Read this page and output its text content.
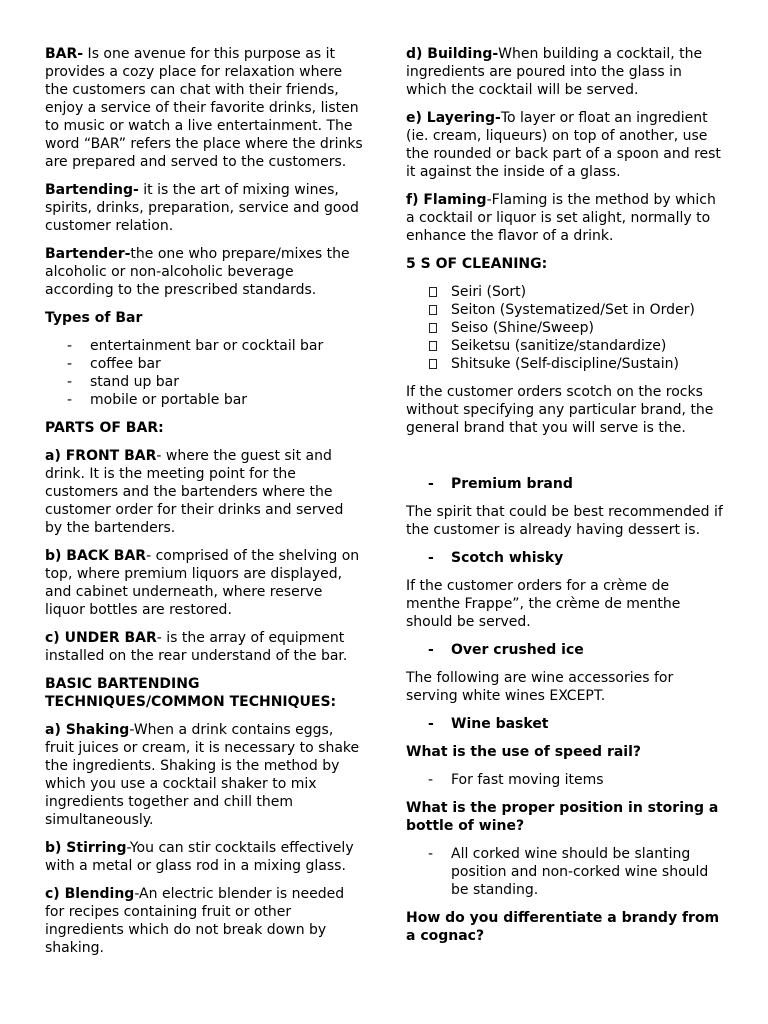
BAR- Is one avenue for this purpose as it provides a cozy place for relaxation where the customers can chat with their friends, enjoy a service of their favorite drinks, listen to music or watch a live entertainment. The word “BAR” refers the place where the drinks are prepared and served to the customers.

Bartending- it is the art of mixing wines, spirits, drinks, preparation, service and good customer relation.

Bartender-the one who prepare/mixes the alcoholic or non-alcoholic beverage according to the prescribed standards.

Types of Bar

- entertainment bar or cocktail bar
- coffee bar
- stand up bar
- mobile or portable bar

PARTS OF BAR:

a) FRONT BAR- where the guest sit and drink. It is the meeting point for the customers and the bartenders where the customer order for their drinks and served by the bartenders.

b) BACK BAR- comprised of the shelving on top, where premium liquors are displayed, and cabinet underneath, where reserve liquor bottles are restored.

c) UNDER BAR- is the array of equipment installed on the rear understand of the bar.

BASIC BARTENDING TECHNIQUES/COMMON TECHNIQUES:

a) Shaking-When a drink contains eggs, fruit juices or cream, it is necessary to shake the ingredients. Shaking is the method by which you use a cocktail shaker to mix ingredients together and chill them simultaneously.

b) Stirring-You can stir cocktails effectively with a metal or glass rod in a mixing glass.

c) Blending-An electric blender is needed for recipes containing fruit or other ingredients which do not break down by shaking.

d) Building-When building a cocktail, the ingredients are poured into the glass in which the cocktail will be served.

e) Layering-To layer or float an ingredient (ie. cream, liqueurs) on top of another, use the rounded or back part of a spoon and rest it against the inside of a glass.

f) Flaming-Flaming is the method by which a cocktail or liquor is set alight, normally to enhance the flavor of a drink.

5 S OF CLEANING:

Seiri (Sort)
Seiton (Systematized/Set in Order)
Seiso (Shine/Sweep)
Seiketsu (sanitize/standardize)
Shitsuke (Self-discipline/Sustain)

If the customer orders scotch on the rocks without specifying any particular brand, the general brand that you will serve is the.

- Premium brand

The spirit that could be best recommended if the customer is already having dessert is.

- Scotch whisky

If the customer orders for a crème de menthe Frappe”, the crème de menthe should be served.

- Over crushed ice

The following are wine accessories for serving white wines EXCEPT.

- Wine basket

What is the use of speed rail?

- For fast moving items

What is the proper position in storing a bottle of wine?

- All corked wine should be slanting position and non-corked wine should be standing.

How do you differentiate a brandy from a cognac?
